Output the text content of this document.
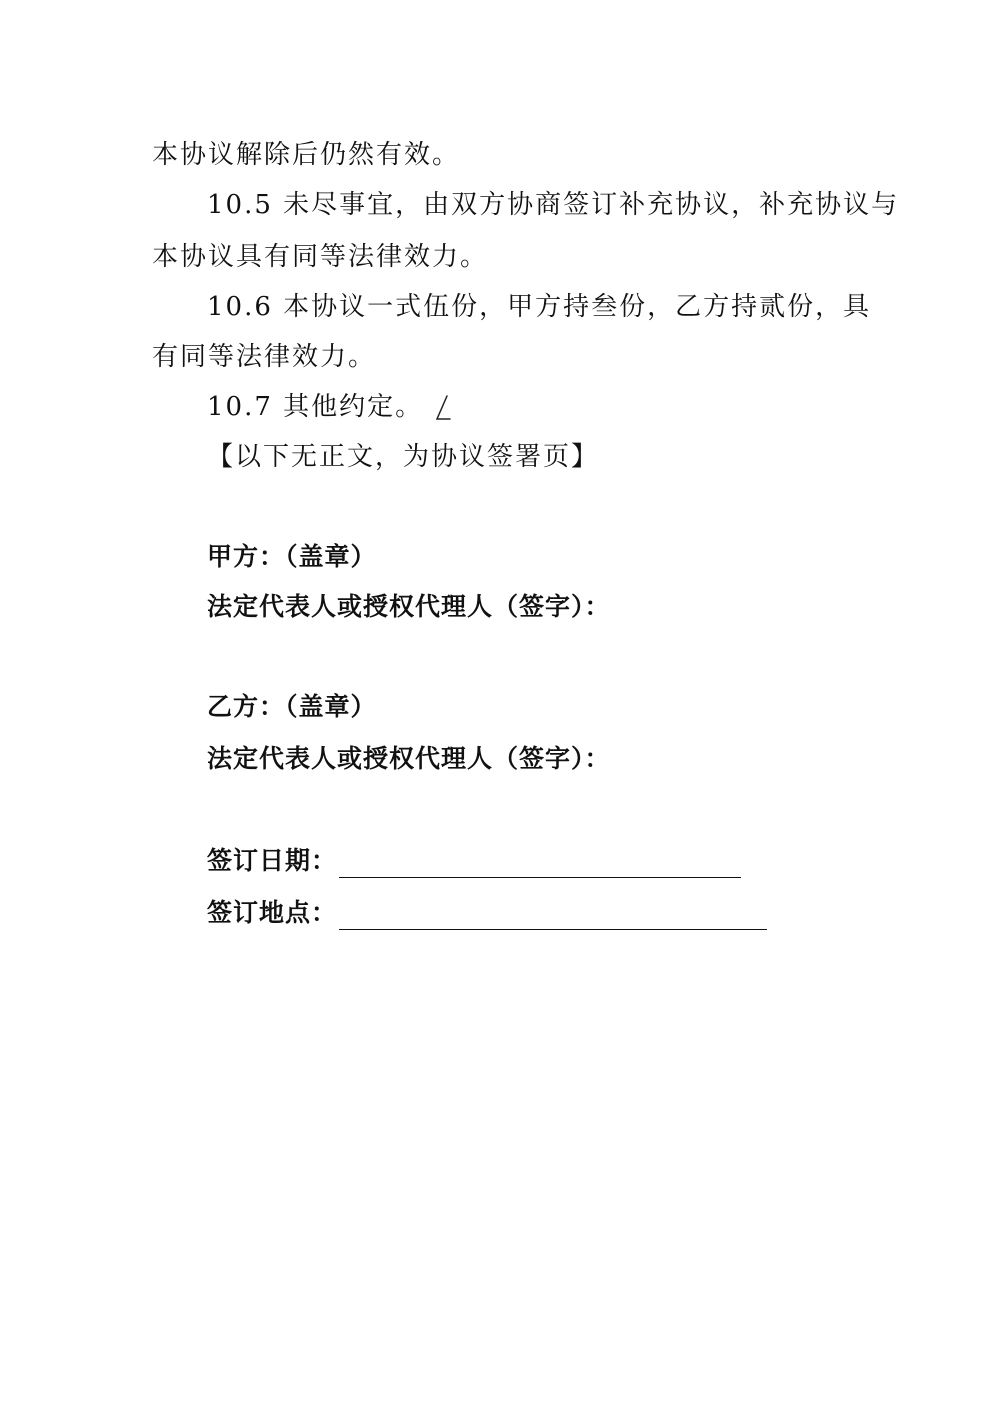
本协议解除后仍然有效。
10.5 未尽事宜，由双方协商签订补充协议，补充协议与
本协议具有同等法律效力。
10.6 本协议一式伍份，甲方持叁份，乙方持贰份，具
有同等法律效力。
10.7 其他约定。
【以下无正文，为协议签署页】
甲方：（盖章）
法定代表人或授权代理人（签字）：
乙方：（盖章）
法定代表人或授权代理人（签字）：
签订日期：
签订地点：
